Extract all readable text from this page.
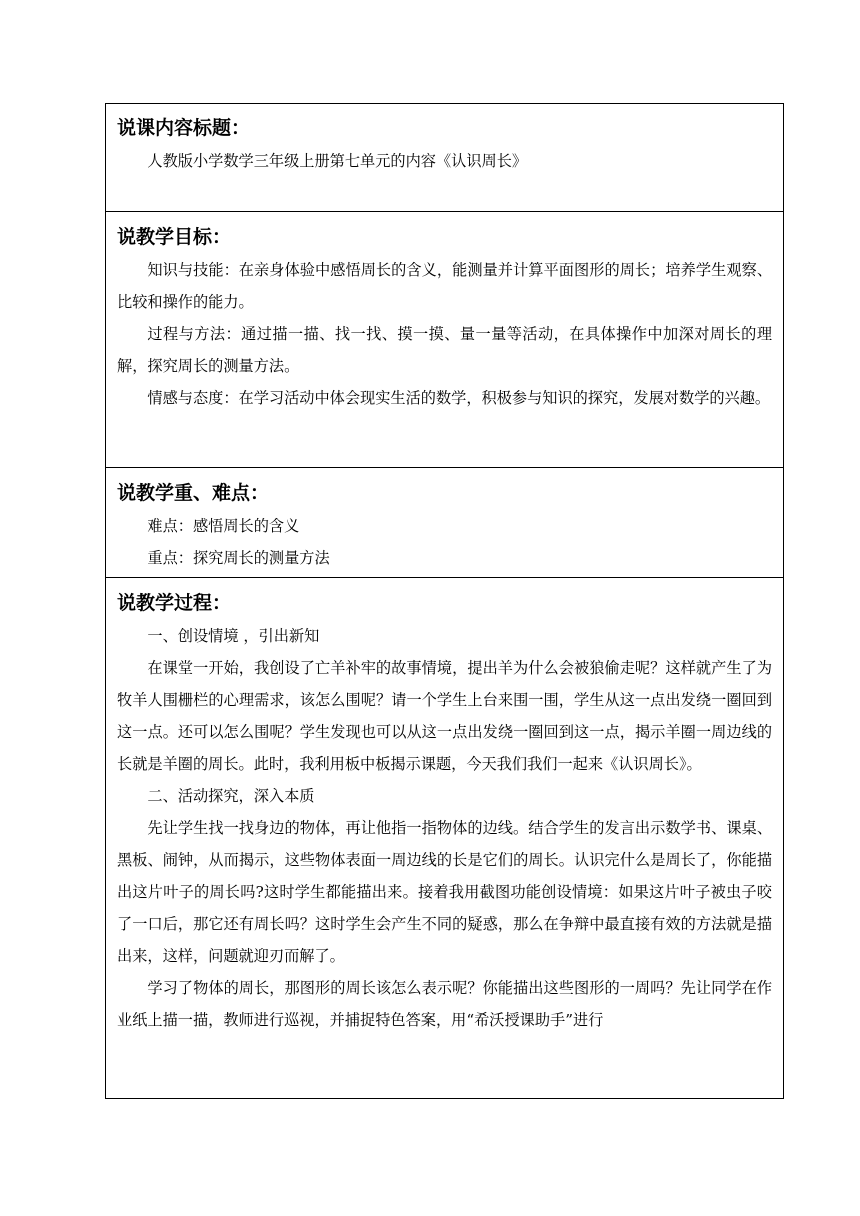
说课内容标题：

人教版小学数学三年级上册第七单元的内容《认识周长》

说教学目标：

知识与技能：在亲身体验中感悟周长的含义，能测量并计算平面图形的周长；培养学生观察、比较和操作的能力。

过程与方法：通过描一描、找一找、摸一摸、量一量等活动，在具体操作中加深对周长的理解，探究周长的测量方法。

情感与态度：在学习活动中体会现实生活的数学，积极参与知识的探究，发展对数学的兴趣。

说教学重、难点：

难点：感悟周长的含义

重点：探究周长的测量方法

说教学过程：

一、创设情境 ，引出新知

在课堂一开始，我创设了亡羊补牢的故事情境，提出羊为什么会被狼偷走呢？这样就产生了为牧羊人围栅栏的心理需求，该怎么围呢？请一个学生上台来围一围，学生从这一点出发绕一圈回到这一点。还可以怎么围呢？学生发现也可以从这一点出发绕一圈回到这一点，揭示羊圈一周边线的长就是羊圈的周长。此时，我利用板中板揭示课题，今天我们我们一起来《认识周长》。

二、活动探究，深入本质

先让学生找一找身边的物体，再让他指一指物体的边线。结合学生的发言出示数学书、课桌、黑板、闹钟，从而揭示，这些物体表面一周边线的长是它们的周长。认识完什么是周长了，你能描出这片叶子的周长吗?这时学生都能描出来。接着我用截图功能创设情境：如果这片叶子被虫子咬了一口后，那它还有周长吗？这时学生会产生不同的疑惑，那么在争辩中最直接有效的方法就是描出来，这样，问题就迎刃而解了。

学习了物体的周长，那图形的周长该怎么表示呢？你能描出这些图形的一周吗？先让同学在作业纸上描一描，教师进行巡视，并捕捉特色答案，用“希沃授课助手”进行
